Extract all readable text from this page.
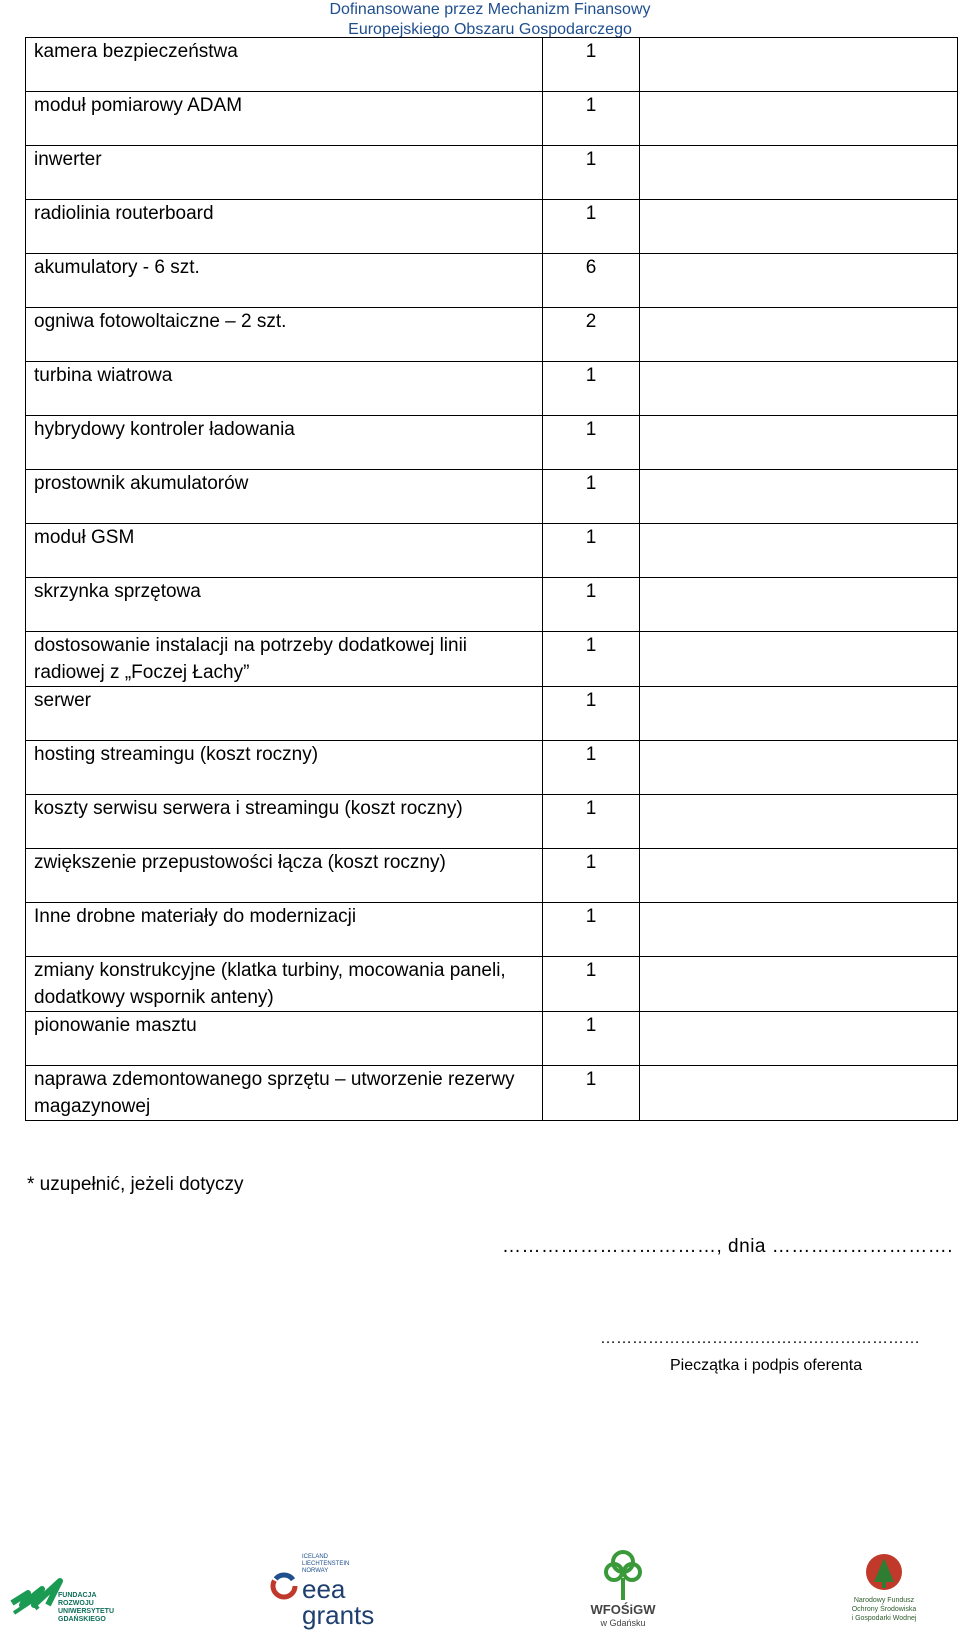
Dofinansowane przez Mechanizm Finansowy
Europejskiego Obszaru Gospodarczego
kamera bezpieczeństwa	1	
moduł pomiarowy ADAM	1	
inwerter	1	
radiolinia routerboard	1	
akumulatory - 6 szt.	6	
ogniwa fotowoltaiczne – 2 szt.	2	
turbina wiatrowa	1	
hybrydowy kontroler ładowania	1	
prostownik akumulatorów	1	
moduł GSM	1	
skrzynka sprzętowa	1	
dostosowanie instalacji na potrzeby dodatkowej linii radiowej z „Foczej Łachy”	1	
serwer	1	
hosting streamingu (koszt roczny)	1	
koszty serwisu serwera i streamingu (koszt roczny)	1	
zwiększenie przepustowości łącza (koszt roczny)	1	
Inne drobne materiały do modernizacji	1	
zmiany konstrukcyjne (klatka turbiny, mocowania paneli, dodatkowy wspornik anteny)	1	
pionowanie masztu	1	
naprawa zdemontowanego sprzętu – utworzenie rezerwy magazynowej	1	
* uzupełnić, jeżeli dotyczy
……………………………, dnia ……………………….
……………………………………………………
Pieczątka i podpis oferenta
FUNDACJA
ROZWOJU
UNIWERSYTETU
GDAŃSKIEGO
ICELAND
LIECHTENSTEIN
NORWAY
eea
grants	WFOŚiGW
w Gdańsku
Narodowy Fundusz
Ochrony Środowiska
i Gospodarki Wodnej
